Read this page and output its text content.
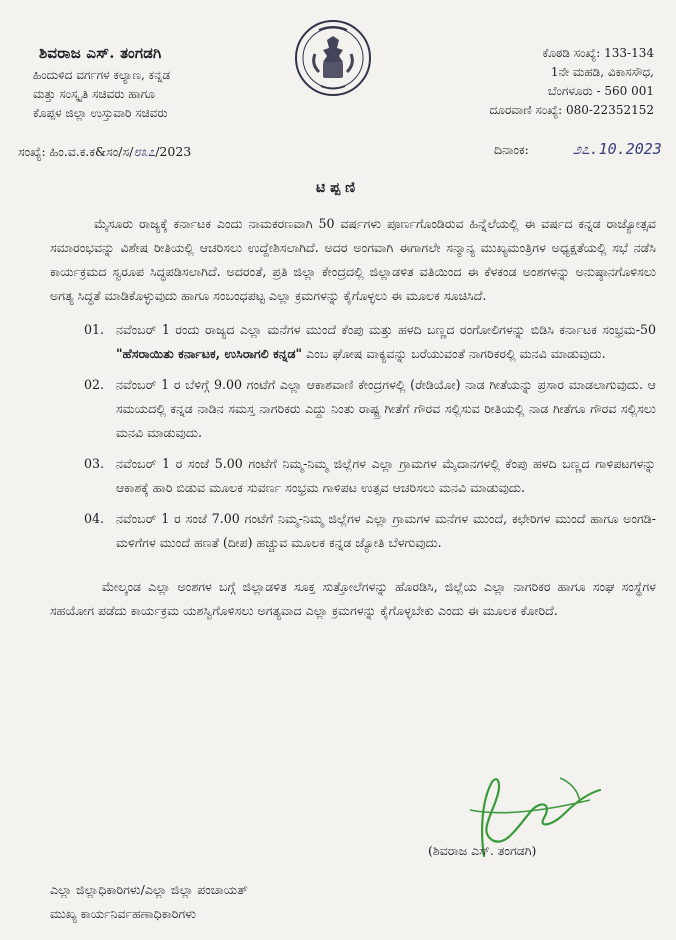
ಶಿವರಾಜ ಎಸ್. ತಂಗಡಗಿ
ಹಿಂದುಳಿದ ವರ್ಗಗಳ ಕಲ್ಯಾಣ, ಕನ್ನಡ
ಮತ್ತು ಸಂಸ್ಕೃತಿ ಸಚಿವರು ಹಾಗೂ
ಕೊಪ್ಪಳ ಜಿಲ್ಲಾ ಉಸ್ತುವಾರಿ ಸಚಿವರು
ಕೊಠಡಿ ಸಂಖ್ಯೆ: 133-134
1ನೇ ಮಹಡಿ, ವಿಕಾಸಸೌಧ,
ಬೆಂಗಳೂರು - 560 001
ದೂರವಾಣಿ ಸಂಖ್ಯೆ: 080-22352152
ಸಂಖ್ಯೆ: ಹಿಂ.ವ.ಕ.ಕ&ಸಂ/ಸ/೮೩೭/2023	ದಿನಾಂಕ:	೨೭.10.2023
ಟಿಪ್ಪಣಿ

ಮೈಸೂರು ರಾಜ್ಯಕ್ಕೆ ಕರ್ನಾಟಕ ಎಂದು ನಾಮಕರಣವಾಗಿ 50 ವರ್ಷಗಳು ಪೂರ್ಣಗೊಂಡಿರುವ ಹಿನ್ನೆಲೆಯಲ್ಲಿ ಈ ವರ್ಷದ ಕನ್ನಡ ರಾಜ್ಯೋತ್ಸವ ಸಮಾರಂಭವನ್ನು ವಿಶೇಷ ರೀತಿಯಲ್ಲಿ ಆಚರಿಸಲು ಉದ್ದೇಶಿಸಲಾಗಿದೆ. ಅದರ ಅಂಗವಾಗಿ ಈಗಾಗಲೇ ಸನ್ಮಾನ್ಯ ಮುಖ್ಯಮಂತ್ರಿಗಳ ಅಧ್ಯಕ್ಷತೆಯಲ್ಲಿ ಸಭೆ ನಡೆಸಿ ಕಾರ್ಯಕ್ರಮದ ಸ್ವರೂಪ ಸಿದ್ಧಪಡಿಸಲಾಗಿದೆ. ಅದರಂತೆ, ಪ್ರತಿ ಜಿಲ್ಲಾ ಕೇಂದ್ರದಲ್ಲಿ ಜಿಲ್ಲಾಡಳಿತ ವತಿಯಿಂದ ಈ ಕೆಳಕಂಡ ಅಂಶಗಳನ್ನು ಅನುಷ್ಠಾನಗೊಳಿಸಲು ಅಗತ್ಯ ಸಿದ್ಧತೆ ಮಾಡಿಕೊಳ್ಳುವುದು ಹಾಗೂ ಸಂಬಂಧಪಟ್ಟ ಎಲ್ಲಾ ಕ್ರಮಗಳನ್ನು ಕೈಗೊಳ್ಳಲು ಈ ಮೂಲಕ ಸೂಚಿಸಿದೆ.

01. ನವೆಂಬರ್ 1 ರಂದು ರಾಜ್ಯದ ಎಲ್ಲಾ ಮನೆಗಳ ಮುಂದೆ ಕೆಂಪು ಮತ್ತು ಹಳದಿ ಬಣ್ಣದ ರಂಗೋಲಿಗಳನ್ನು ಬಿಡಿಸಿ ಕರ್ನಾಟಕ ಸಂಭ್ರಮ-50 "ಹೆಸರಾಯಿತು ಕರ್ನಾಟಕ, ಉಸಿರಾಗಲಿ ಕನ್ನಡ" ಎಂಬ ಘೋಷ ವಾಕ್ಯವನ್ನು ಬರೆಯುವಂತೆ ನಾಗರಿಕರಲ್ಲಿ ಮನವಿ ಮಾಡುವುದು.
02. ನವೆಂಬರ್ 1 ರ ಬೆಳಿಗ್ಗೆ 9.00 ಗಂಟೆಗೆ ಎಲ್ಲಾ ಆಕಾಶವಾಣಿ ಕೇಂದ್ರಗಳಲ್ಲಿ (ರೇಡಿಯೋ) ನಾಡ ಗೀತೆಯನ್ನು ಪ್ರಸಾರ ಮಾಡಲಾಗುವುದು. ಆ ಸಮಯದಲ್ಲಿ ಕನ್ನಡ ನಾಡಿನ ಸಮಸ್ತ ನಾಗರಿಕರು ಎದ್ದು ನಿಂತು ರಾಷ್ಟ್ರ ಗೀತೆಗೆ ಗೌರವ ಸಲ್ಲಿಸುವ ರೀತಿಯಲ್ಲಿ ನಾಡ ಗೀತೆಗೂ ಗೌರವ ಸಲ್ಲಿಸಲು ಮನವಿ ಮಾಡುವುದು.
03. ನವೆಂಬರ್ 1 ರ ಸಂಜೆ 5.00 ಗಂಟೆಗೆ ನಿಮ್ಮ-ನಿಮ್ಮ ಜಿಲ್ಲೆಗಳ ಎಲ್ಲಾ ಗ್ರಾಮಗಳ ಮೈದಾನಗಳಲ್ಲಿ ಕೆಂಪು ಹಳದಿ ಬಣ್ಣದ ಗಾಳಿಪಟಗಳನ್ನು ಆಕಾಶಕ್ಕೆ ಹಾರಿ ಬಿಡುವ ಮೂಲಕ ಸುವರ್ಣ ಸಂಭ್ರಮ ಗಾಳಿಪಟ ಉತ್ಸವ ಆಚರಿಸಲು ಮನವಿ ಮಾಡುವುದು.
04. ನವೆಂಬರ್ 1 ರ ಸಂಜೆ 7.00 ಗಂಟೆಗೆ ನಿಮ್ಮ-ನಿಮ್ಮ ಜಿಲ್ಲೆಗಳ ಎಲ್ಲಾ ಗ್ರಾಮಗಳ ಮನೆಗಳ ಮುಂದೆ, ಕಛೇರಿಗಳ ಮುಂದೆ ಹಾಗೂ ಅಂಗಡಿ-ಮಳಿಗೆಗಳ ಮುಂದೆ ಹಣತೆ (ದೀಪ) ಹಚ್ಚುವ ಮೂಲಕ ಕನ್ನಡ ಜ್ಯೋತಿ ಬೆಳಗುವುದು.

ಮೇಲ್ಕಂಡ ಎಲ್ಲಾ ಅಂಶಗಳ ಬಗ್ಗೆ ಜಿಲ್ಲಾಡಳಿತ ಸೂಕ್ತ ಸುತ್ತೋಲೆಗಳನ್ನು ಹೊರಡಿಸಿ, ಜಿಲ್ಲೆಯ ಎಲ್ಲಾ ನಾಗರಿಕರ ಹಾಗೂ ಸಂಘ ಸಂಸ್ಥೆಗಳ ಸಹಯೋಗ ಪಡೆದು ಕಾರ್ಯಕ್ರಮ ಯಶಸ್ವಿಗೊಳಿಸಲು ಅಗತ್ಯವಾದ ಎಲ್ಲಾ ಕ್ರಮಗಳನ್ನು ಕೈಗೊಳ್ಳಬೇಕು ಎಂದು ಈ ಮೂಲಕ ಕೋರಿದೆ.

(ಶಿವರಾಜ ಎಸ್. ತಂಗಡಗಿ)
ಎಲ್ಲಾ ಜಿಲ್ಲಾಧಿಕಾರಿಗಳು/ಎಲ್ಲಾ ಜಿಲ್ಲಾ ಪಂಚಾಯತ್
ಮುಖ್ಯ ಕಾರ್ಯನಿರ್ವಹಣಾಧಿಕಾರಿಗಳು
